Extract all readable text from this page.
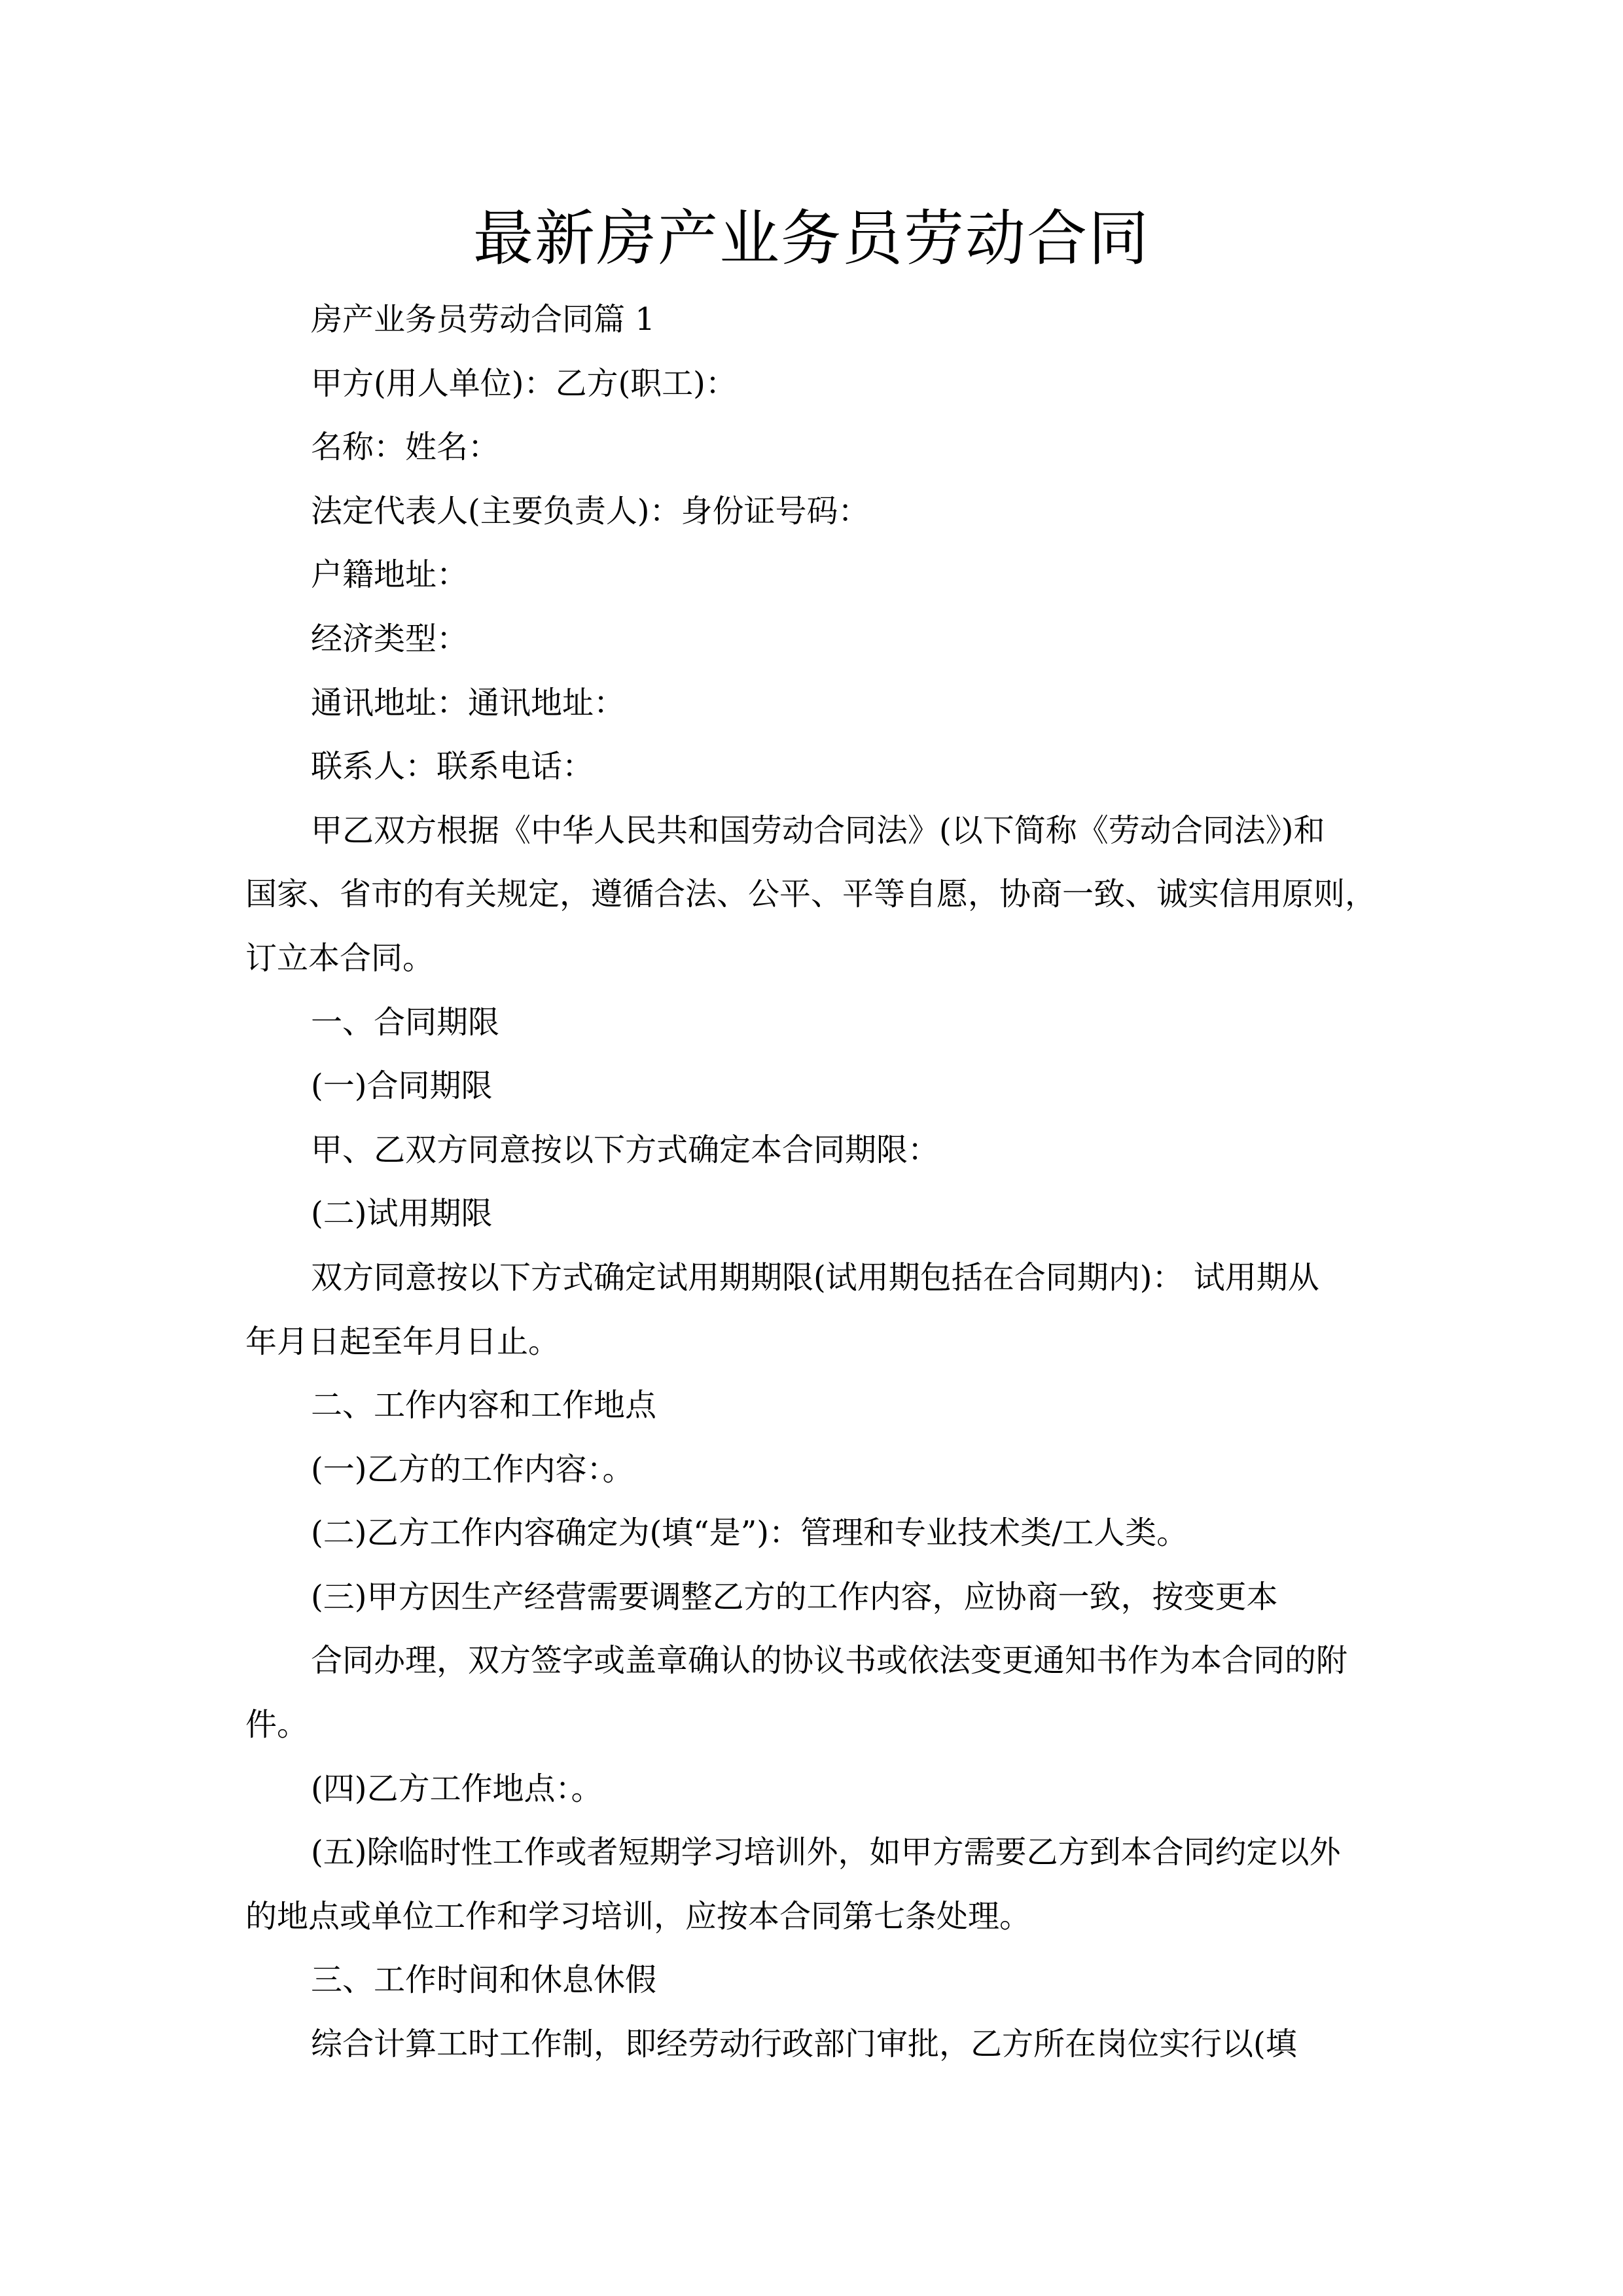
最新房产业务员劳动合同
房产业务员劳动合同篇 1
甲方(用人单位)：乙方(职工)：
名称：姓名：
法定代表人(主要负责人)：身份证号码：
户籍地址：
经济类型：
通讯地址：通讯地址：
联系人：联系电话：
甲乙双方根据《中华人民共和国劳动合同法》(以下简称《劳动合同法》)和
国家、省市的有关规定，遵循合法、公平、平等自愿，协商一致、诚实信用原则，
订立本合同。
一、合同期限
(一)合同期限
甲、乙双方同意按以下方式确定本合同期限：
(二)试用期限
双方同意按以下方式确定试用期期限(试用期包括在合同期内)： 试用期从
年月日起至年月日止。
二、工作内容和工作地点
(一)乙方的工作内容：。
(二)乙方工作内容确定为(填“是”)：管理和专业技术类/工人类。
(三)甲方因生产经营需要调整乙方的工作内容，应协商一致，按变更本
合同办理，双方签字或盖章确认的协议书或依法变更通知书作为本合同的附
件。
(四)乙方工作地点：。
(五)除临时性工作或者短期学习培训外，如甲方需要乙方到本合同约定以外
的地点或单位工作和学习培训，应按本合同第七条处理。
三、工作时间和休息休假
综合计算工时工作制，即经劳动行政部门审批，乙方所在岗位实行以(填
